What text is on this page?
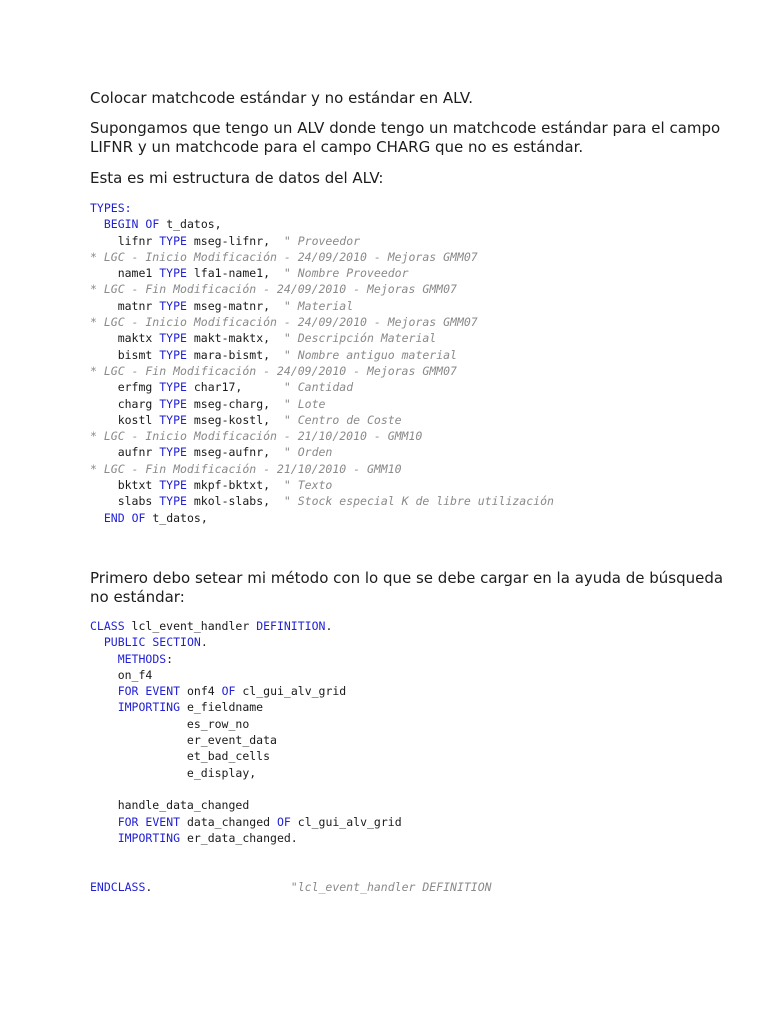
Colocar matchcode estándar y no estándar en ALV.

Supongamos que tengo un ALV donde tengo un matchcode estándar para el campo LIFNR y un matchcode para el campo CHARG que no es estándar.

Esta es mi estructura de datos del ALV:

TYPES:
BEGIN OF t_datos,
lifnr TYPE mseg-lifnr,  " Proveedor
* LGC - Inicio Modificación - 24/09/2010 - Mejoras GMM07
name1 TYPE lfa1-name1,  " Nombre Proveedor
* LGC - Fin Modificación - 24/09/2010 - Mejoras GMM07
matnr TYPE mseg-matnr,  " Material
* LGC - Inicio Modificación - 24/09/2010 - Mejoras GMM07
maktx TYPE makt-maktx,  " Descripción Material
bismt TYPE mara-bismt,  " Nombre antiguo material
* LGC - Fin Modificación - 24/09/2010 - Mejoras GMM07
erfmg TYPE char17,      " Cantidad
charg TYPE mseg-charg,  " Lote
kostl TYPE mseg-kostl,  " Centro de Coste
* LGC - Inicio Modificación - 21/10/2010 - GMM10
aufnr TYPE mseg-aufnr,  " Orden
* LGC - Fin Modificación - 21/10/2010 - GMM10
bktxt TYPE mkpf-bktxt,  " Texto
slabs TYPE mkol-slabs,  " Stock especial K de libre utilización
END OF t_datos,

Primero debo setear mi método con lo que se debe cargar en la ayuda de búsqueda no estándar:

CLASS lcl_event_handler DEFINITION.
PUBLIC SECTION.
METHODS:
on_f4
FOR EVENT onf4 OF cl_gui_alv_grid
IMPORTING e_fieldname
es_row_no
er_event_data
et_bad_cells
e_display,
handle_data_changed
FOR EVENT data_changed OF cl_gui_alv_grid
IMPORTING er_data_changed.
ENDCLASS.                    "lcl_event_handler DEFINITION
